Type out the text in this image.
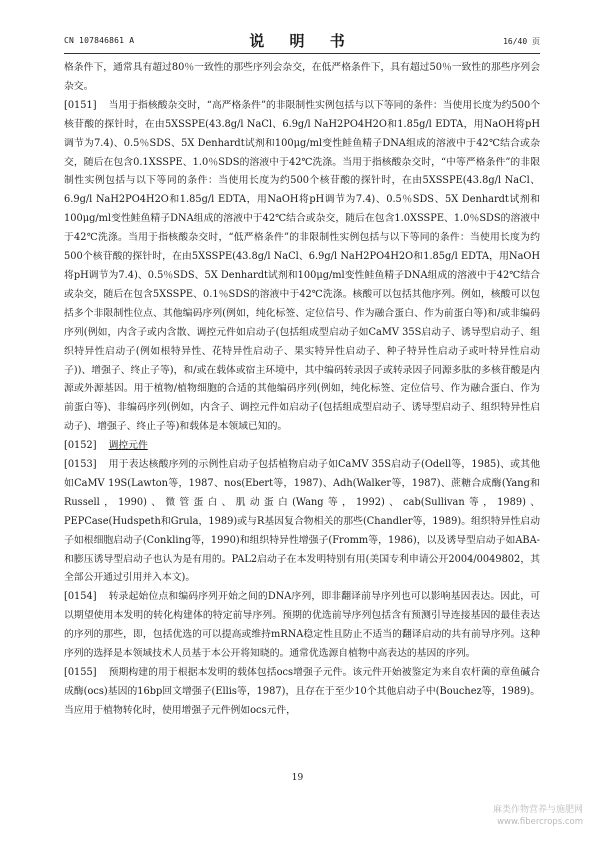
CN 107846861 A	说 明 书	16/40 页

格条件下，通常具有超过80％一致性的那些序列会杂交，在低严格条件下，具有超过50％一致性的那些序列会杂交。

[0151] 当用于指核酸杂交时，“高严格条件”的非限制性实例包括与以下等同的条件：当使用长度为约500个核苷酸的探针时，在由5XSSPE(43.8g/l NaCl、6.9g/l NaH2PO4H2O和1.85g/l EDTA，用NaOH将pH调节为7.4)、0.5％SDS、5X Denhardt试剂和100μg/ml变性鲑鱼精子DNA组成的溶液中于42℃结合或杂交，随后在包含0.1XSSPE、1.0％SDS的溶液中于42℃洗涤。当用于指核酸杂交时，“中等严格条件”的非限制性实例包括与以下等同的条件：当使用长度为约500个核苷酸的探针时，在由5XSSPE(43.8g/l NaCl、6.9g/l NaH2PO4H2O和1.85g/l EDTA，用NaOH将pH调节为7.4)、0.5％SDS、5X Denhardt试剂和100μg/ml变性鲑鱼精子DNA组成的溶液中于42℃结合或杂交，随后在包含1.0XSSPE、1.0％SDS的溶液中于42℃洗涤。当用于指核酸杂交时，“低严格条件”的非限制性实例包括与以下等同的条件：当使用长度为约500个核苷酸的探针时，在由5XSSPE(43.8g/l NaCl、6.9g/l NaH2PO4H2O和1.85g/l EDTA，用NaOH将pH调节为7.4)、0.5％SDS、5X Denhardt试剂和100μg/ml变性鲑鱼精子DNA组成的溶液中于42℃结合或杂交，随后在包含5XSSPE、0.1％SDS的溶液中于42℃洗涤。核酸可以包括其他序列。例如，核酸可以包括多个非限制性位点、其他编码序列(例如，纯化标签、定位信号、作为融合蛋白、作为前蛋白等)和/或非编码序列(例如，内含子或内含散、调控元件如启动子(包括组成型启动子如CaMV 35S启动子、诱导型启动子、组织特异性启动子(例如根特异性、花特异性启动子、果实特异性启动子、种子特异性启动子或叶特异性启动子))、增强子、终止子等)，和/或在载体或宿主环境中，其中编码转录因子或转录因子同源多肽的多核苷酸是内源或外源基因。用于植物/植物细胞的合适的其他编码序列(例如，纯化标签、定位信号、作为融合蛋白、作为前蛋白等)、非编码序列(例如，内含子、调控元件如启动子(包括组成型启动子、诱导型启动子、组织特异性启动子)、增强子、终止子等)和载体是本领域已知的。

[0152] 调控元件

[0153] 用于表达核酸序列的示例性启动子包括植物启动子如CaMV 35S启动子(Odell等，1985)、或其他如CaMV 19S(Lawton等，1987、nos(Ebert等，1987)、Adh(Walker等，1987)、蔗糖合成酶(Yang和Russell，1990)、微管蛋白、肌动蛋白(Wang等，1992)、cab(Sullivan等，1989)、PEPCase(Hudspeth和Grula，1989)或与R基因复合物相关的那些(Chandler等，1989)。组织特异性启动子如根细胞启动子(Conkling等，1990)和组织特异性增强子(Fromm等，1986)，以及诱导型启动子如ABA-和膨压诱导型启动子也认为是有用的。PAL2启动子在本发明特别有用(美国专利申请公开2004/0049802，其全部公开通过引用并入本文)。

[0154] 转录起始位点和编码序列开始之间的DNA序列，即非翻译前导序列也可以影响基因表达。因此，可以期望使用本发明的转化构建体的特定前导序列。预期的优选前导序列包括含有预测引导连接基因的最佳表达的序列的那些，即，包括优选的可以提高或维持mRNA稳定性且防止不适当的翻译启动的共有前导序列。这种序列的选择是本领域技术人员基于本公开将知晓的。通常优选源自植物中高表达的基因的序列。

[0155] 预期构建的用于根据本发明的载体包括ocs增强子元件。该元件开始被鉴定为来自农杆菌的章鱼碱合成酶(ocs)基因的16bp回文增强子(Ellis等，1987)，且存在于至少10个其他启动子中(Bouchez等，1989)。当应用于植物转化时，使用增强子元件例如ocs元件，

19
麻类作物营养与施肥网
www.fibercrops.com
